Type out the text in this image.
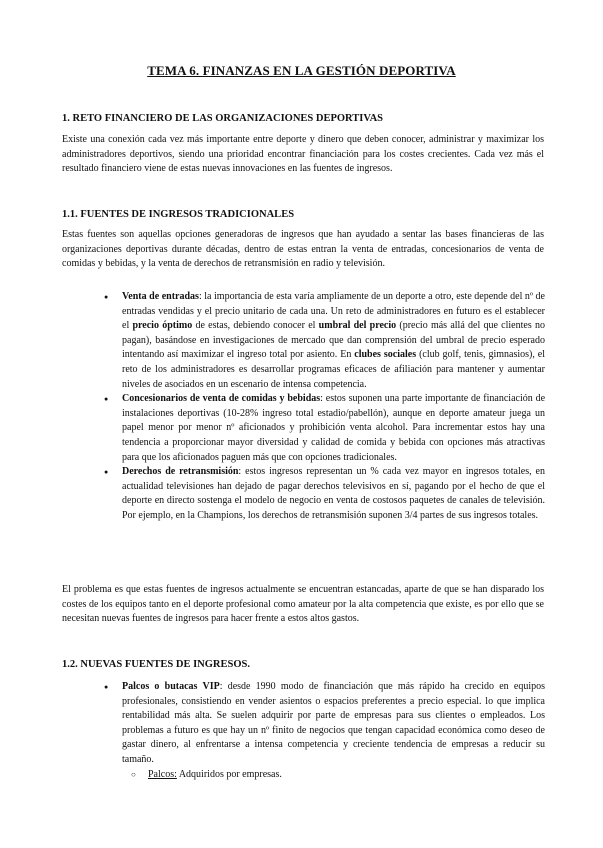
TEMA 6. FINANZAS EN LA GESTIÓN DEPORTIVA
1. RETO FINANCIERO DE LAS ORGANIZACIONES DEPORTIVAS
Existe una conexión cada vez más importante entre deporte y dinero que deben conocer, administrar y maximizar los administradores deportivos, siendo una prioridad encontrar financiación para los costes crecientes. Cada vez más el resultado financiero viene de estas nuevas innovaciones en las fuentes de ingresos.
1.1. FUENTES DE INGRESOS TRADICIONALES
Estas fuentes son aquellas opciones generadoras de ingresos que han ayudado a sentar las bases financieras de las organizaciones deportivas durante décadas, dentro de estas entran la venta de entradas, concesionarios de venta de comidas y bebidas, y la venta de derechos de retransmisión en radio y televisión.
● Venta de entradas: la importancia de esta varía ampliamente de un deporte a otro, este depende del nº de entradas vendidas y el precio unitario de cada una. Un reto de administradores en futuro es el establecer el precio óptimo de estas, debiendo conocer el umbral del precio (precio más allá del que clientes no pagan), basándose en investigaciones de mercado que dan comprensión del umbral de precio esperado intentando así maximizar el ingreso total por asiento. En clubes sociales (club golf, tenis, gimnasios), el reto de los administradores es desarrollar programas eficaces de afiliación para mantener y aumentar niveles de asociados en un escenario de intensa competencia.
● Concesionarios de venta de comidas y bebidas: estos suponen una parte importante de financiación de instalaciones deportivas (10-28% ingreso total estadio/pabellón), aunque en deporte amateur juega un papel menor por menor nº aficionados y prohibición venta alcohol. Para incrementar estos hay una tendencia a proporcionar mayor diversidad y calidad de comida y bebida con opciones más atractivas para que los aficionados paguen más que con opciones tradicionales.
● Derechos de retransmisión: estos ingresos representan un % cada vez mayor en ingresos totales, en actualidad televisiones han dejado de pagar derechos televisivos en sí, pagando por el hecho de que el deporte en directo sostenga el modelo de negocio en venta de costosos paquetes de canales de televisión. Por ejemplo, en la Champions, los derechos de retransmisión suponen 3/4 partes de sus ingresos totales.
El problema es que estas fuentes de ingresos actualmente se encuentran estancadas, aparte de que se han disparado los costes de los equipos tanto en el deporte profesional como amateur por la alta competencia que existe, es por ello que se necesitan nuevas fuentes de ingresos para hacer frente a estos altos gastos.
1.2. NUEVAS FUENTES DE INGRESOS.
● Palcos o butacas VIP: desde 1990 modo de financiación que más rápido ha crecido en equipos profesionales, consistiendo en vender asientos o espacios preferentes a precio especial. lo que implica rentabilidad más alta. Se suelen adquirir por parte de empresas para sus clientes o empleados. Los problemas a futuro es que hay un nº finito de negocios que tengan capacidad económica como deseo de gastar dinero, al enfrentarse a intensa competencia y creciente tendencia de empresas a reducir su tamaño.
○ Palcos: Adquiridos por empresas.
